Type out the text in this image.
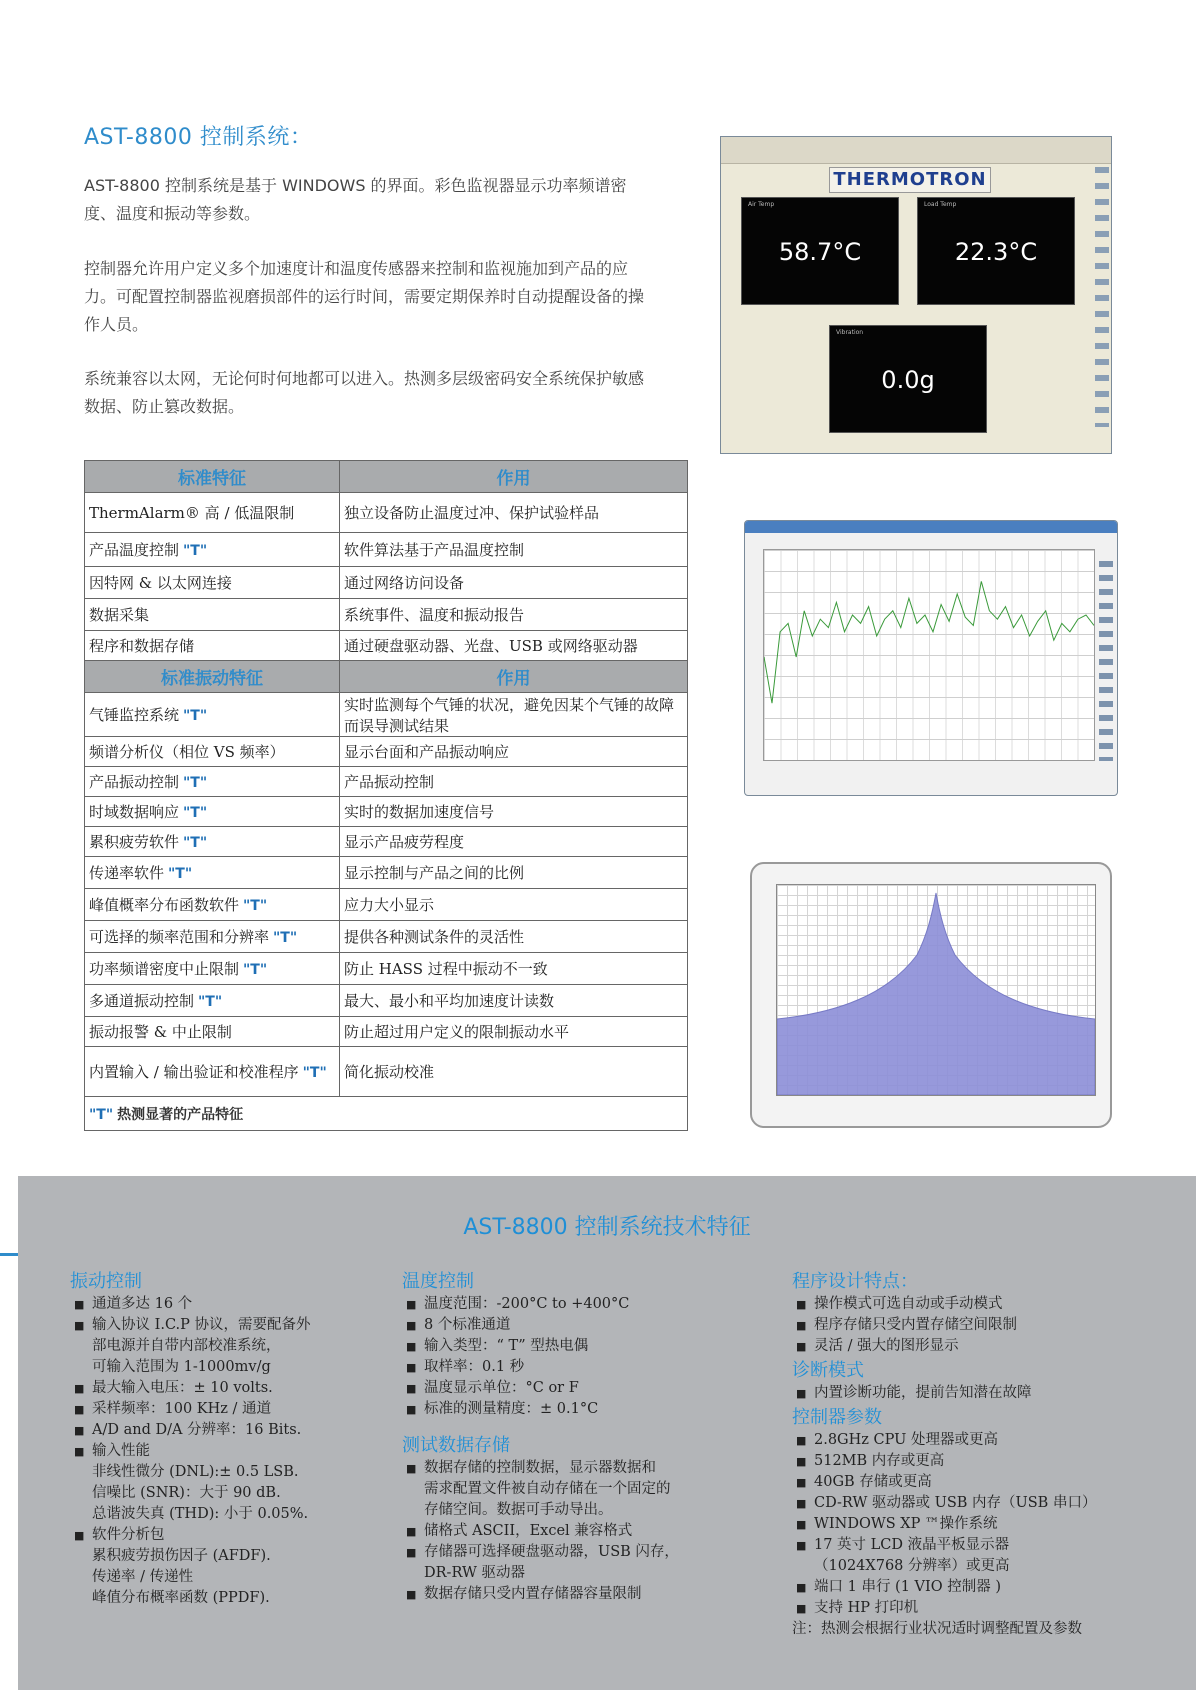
AST-8800 控制系统：
AST-8800 控制系统是基于 WINDOWS 的界面。彩色监视器显示功率频谱密度、温度和振动等参数。
控制器允许用户定义多个加速度计和温度传感器来控制和监视施加到产品的应力。可配置控制器监视磨损部件的运行时间，需要定期保养时自动提醒设备的操作人员。
系统兼容以太网，无论何时何地都可以进入。热测多层级密码安全系统保护敏感数据、防止篡改数据。
标准特征	作用
ThermAlarm® 高 / 低温限制	独立设备防止温度过冲、保护试验样品
产品温度控制 "T"	软件算法基于产品温度控制
因特网 & 以太网连接	通过网络访问设备
数据采集	系统事件、温度和振动报告
程序和数据存储	通过硬盘驱动器、光盘、USB 或网络驱动器
标准振动特征	作用
气锤监控系统 "T"	实时监测每个气锤的状况，避免因某个气锤的故障而误导测试结果
频谱分析仪（相位 VS 频率）	显示台面和产品振动响应
产品振动控制 "T"	产品振动控制
时域数据响应 "T"	实时的数据加速度信号
累积疲劳软件 "T"	显示产品疲劳程度
传递率软件 "T"	显示控制与产品之间的比例
峰值概率分布函数软件 "T"	应力大小显示
可选择的频率范围和分辨率 "T"	提供各种测试条件的灵活性
功率频谱密度中止限制 "T"	防止 HASS 过程中振动不一致
多通道振动控制 "T"	最大、最小和平均加速度计读数
振动报警 & 中止限制	防止超过用户定义的限制振动水平
内置输入 / 输出验证和校准程序 "T"	简化振动校准
"T" 热测显著的产品特征	
THERMOTRON
Air Temp
58.7°C
Load Temp
22.3°C
Vibration
0.0g
AST-8800 控制系统技术特征
振动控制
■ 通道多达 16 个
■ 输入协议 I.C.P 协议，需要配备外
部电源并自带内部校准系统，
可输入范围为 1-1000mv/g
■ 最大输入电压：± 10 volts.
■ 采样频率：100 KHz / 通道
■ A/D and D/A 分辨率：16 Bits.
■ 输入性能
非线性微分 (DNL):± 0.5 LSB.
信噪比 (SNR)：大于 90 dB.
总谐波失真 (THD): 小于 0.05%.
■ 软件分析包
累积疲劳损伤因子 (AFDF).
传递率 / 传递性
峰值分布概率函数 (PPDF).
温度控制
■ 温度范围：-200°C to +400°C
■ 8 个标准通道
■ 输入类型：“ T” 型热电偶
■ 取样率：0.1 秒
■ 温度显示单位：°C or F
■ 标准的测量精度：± 0.1°C
测试数据存储
■ 数据存储的控制数据，显示器数据和
需求配置文件被自动存储在一个固定的
存储空间。数据可手动导出。
■ 储格式 ASCII，Excel 兼容格式
■ 存储器可选择硬盘驱动器，USB 闪存，
DR-RW 驱动器
■ 数据存储只受内置存储器容量限制
程序设计特点：
■ 操作模式可选自动或手动模式
■ 程序存储只受内置存储空间限制
■ 灵活 / 强大的图形显示
诊断模式
■ 内置诊断功能，提前告知潜在故障
控制器参数
■ 2.8GHz CPU 处理器或更高
■ 512MB 内存或更高
■ 40GB 存储或更高
■ CD-RW 驱动器或 USB 内存（USB 串口）
■ WINDOWS XP ™操作系统
■ 17 英寸 LCD 液晶平板显示器
（1024X768 分辨率）或更高
■ 端口 1 串行 (1 VIO 控制器 )
■ 支持 HP 打印机
注：热测会根据行业状况适时调整配置及参数
